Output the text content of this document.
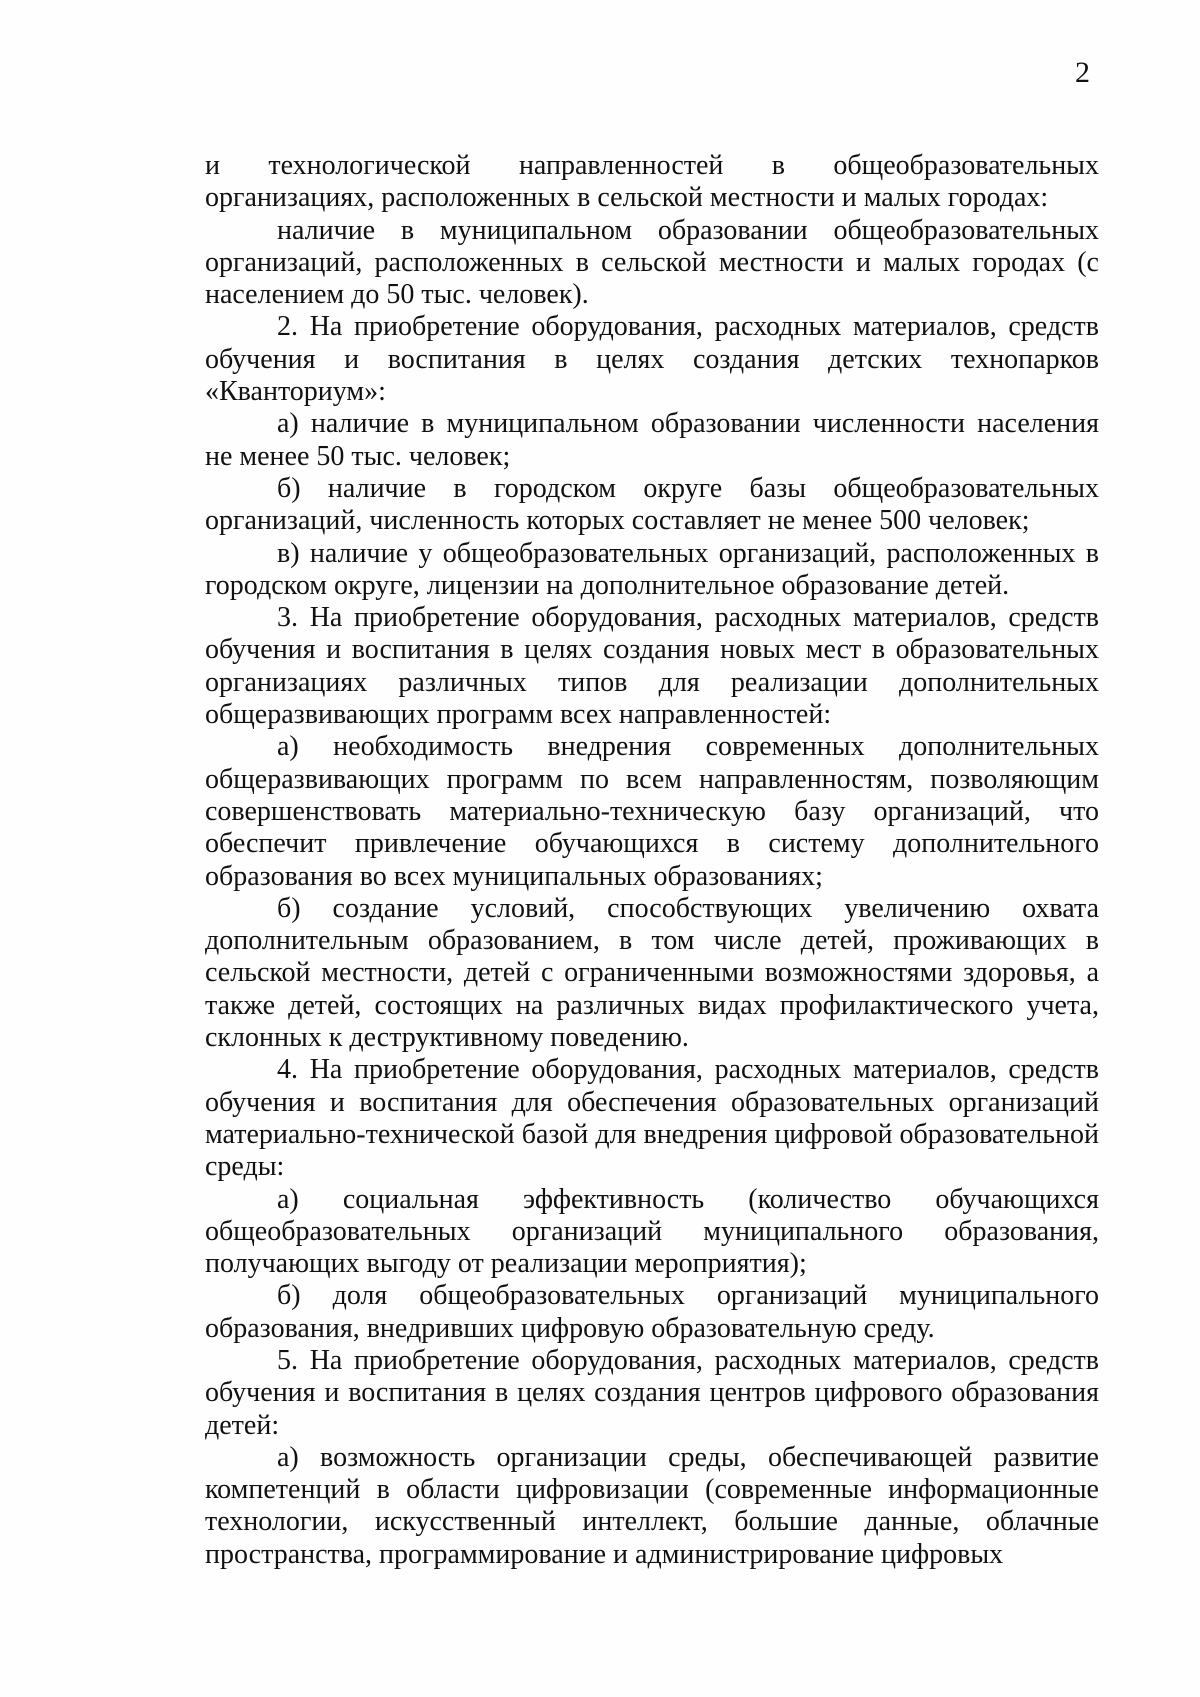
2

и технологической направленностей в общеобразовательных организациях, расположенных в сельской местности и малых городах:

наличие в муниципальном образовании общеобразовательных организаций, расположенных в сельской местности и малых городах (с населением до 50 тыс. человек).

2. На приобретение оборудования, расходных материалов, средств обучения и воспитания в целях создания детских технопарков «Кванториум»:

а) наличие в муниципальном образовании численности населения не менее 50 тыс. человек;

б) наличие в городском округе базы общеобразовательных организаций, численность которых составляет не менее 500 человек;

в) наличие у общеобразовательных организаций, расположенных в городском округе, лицензии на дополнительное образование детей.

3. На приобретение оборудования, расходных материалов, средств обучения и воспитания в целях создания новых мест в образовательных организациях различных типов для реализации дополнительных общеразвивающих программ всех направленностей:

а) необходимость внедрения современных дополнительных общеразвивающих программ по всем направленностям, позволяющим совершенствовать материально-техническую базу организаций, что обеспечит привлечение обучающихся в систему дополнительного образования во всех муниципальных образованиях;

б) создание условий, способствующих увеличению охвата дополнительным образованием, в том числе детей, проживающих в сельской местности, детей с ограниченными возможностями здоровья, а также детей, состоящих на различных видах профилактического учета, склонных к деструктивному поведению.

4. На приобретение оборудования, расходных материалов, средств обучения и воспитания для обеспечения образовательных организаций материально-технической базой для внедрения цифровой образовательной среды:

а) социальная эффективность (количество обучающихся общеобразовательных организаций муниципального образования, получающих выгоду от реализации мероприятия);

б) доля общеобразовательных организаций муниципального образования, внедривших цифровую образовательную среду.

5. На приобретение оборудования, расходных материалов, средств обучения и воспитания в целях создания центров цифрового образования детей:

а) возможность организации среды, обеспечивающей развитие компетенций в области цифровизации (современные информационные технологии, искусственный интеллект, большие данные, облачные пространства, программирование и администрирование цифровых
